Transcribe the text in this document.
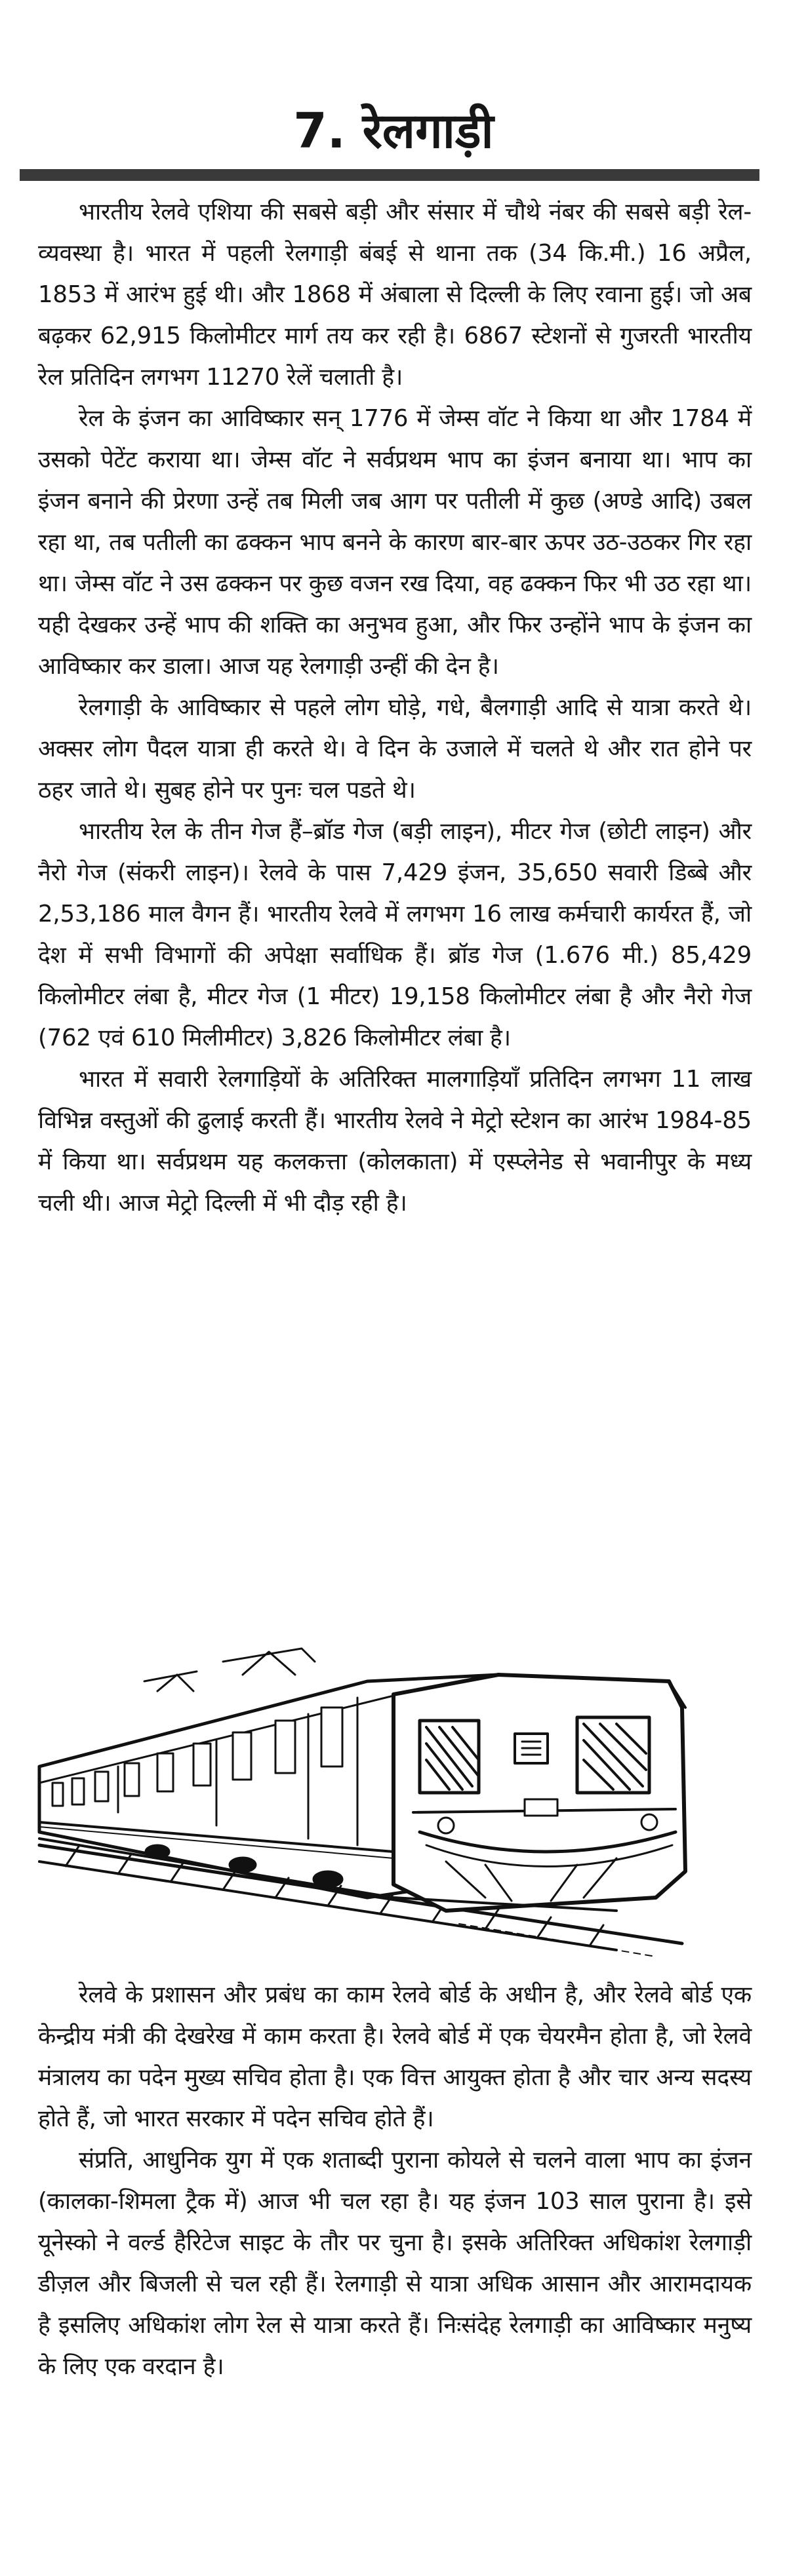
7. रेलगाड़ी

भारतीय रेलवे एशिया की सबसे बड़ी और संसार में चौथे नंबर की सबसे बड़ी रेल-व्यवस्था है। भारत में पहली रेलगाड़ी बंबई से थाना तक (34 कि.मी.) 16 अप्रैल, 1853 में आरंभ हुई थी। और 1868 में अंबाला से दिल्ली के लिए रवाना हुई। जो अब बढ़कर 62,915 किलोमीटर मार्ग तय कर रही है। 6867 स्टेशनों से गुजरती भारतीय रेल प्रतिदिन लगभग 11270 रेलें चलाती है।

रेल के इंजन का आविष्कार सन् 1776 में जेम्स वॉट ने किया था और 1784 में उसको पेटेंट कराया था। जेम्स वॉट ने सर्वप्रथम भाप का इंजन बनाया था। भाप का इंजन बनाने की प्रेरणा उन्हें तब मिली जब आग पर पतीली में कुछ (अण्डे आदि) उबल रहा था, तब पतीली का ढक्कन भाप बनने के कारण बार-बार ऊपर उठ-उठकर गिर रहा था। जेम्स वॉट ने उस ढक्कन पर कुछ वजन रख दिया, वह ढक्कन फिर भी उठ रहा था। यही देखकर उन्हें भाप की शक्ति का अनुभव हुआ, और फिर उन्होंने भाप के इंजन का आविष्कार कर डाला। आज यह रेलगाड़ी उन्हीं की देन है।

रेलगाड़ी के आविष्कार से पहले लोग घोड़े, गधे, बैलगाड़ी आदि से यात्रा करते थे। अक्सर लोग पैदल यात्रा ही करते थे। वे दिन के उजाले में चलते थे और रात होने पर ठहर जाते थे। सुबह होने पर पुनः चल पडते थे।

भारतीय रेल के तीन गेज हैं–ब्रॉड गेज (बड़ी लाइन), मीटर गेज (छोटी लाइन) और नैरो गेज (संकरी लाइन)। रेलवे के पास 7,429 इंजन, 35,650 सवारी डिब्बे और 2,53,186 माल वैगन हैं। भारतीय रेलवे में लगभग 16 लाख कर्मचारी कार्यरत हैं, जो देश में सभी विभागों की अपेक्षा सर्वाधिक हैं। ब्रॉड गेज (1.676 मी.) 85,429 किलोमीटर लंबा है, मीटर गेज (1 मीटर) 19,158 किलोमीटर लंबा है और नैरो गेज (762 एवं 610 मिलीमीटर) 3,826 किलोमीटर लंबा है।

भारत में सवारी रेलगाड़ियों के अतिरिक्त मालगाड़ियाँ प्रतिदिन लगभग 11 लाख विभिन्न वस्तुओं की ढुलाई करती हैं। भारतीय रेलवे ने मेट्रो स्टेशन का आरंभ 1984-85 में किया था। सर्वप्रथम यह कलकत्ता (कोलकाता) में एस्प्लेनेड से भवानीपुर के मध्य चली थी। आज मेट्रो दिल्ली में भी दौड़ रही है।

रेलवे के प्रशासन और प्रबंध का काम रेलवे बोर्ड के अधीन है, और रेलवे बोर्ड एक केन्द्रीय मंत्री की देखरेख में काम करता है। रेलवे बोर्ड में एक चेयरमैन होता है, जो रेलवे मंत्रालय का पदेन मुख्य सचिव होता है। एक वित्त आयुक्त होता है और चार अन्य सदस्य होते हैं, जो भारत सरकार में पदेन सचिव होते हैं।

संप्रति, आधुनिक युग में एक शताब्दी पुराना कोयले से चलने वाला भाप का इंजन (कालका-शिमला ट्रैक में) आज भी चल रहा है। यह इंजन 103 साल पुराना है। इसे यूनेस्को ने वर्ल्ड हैरिटेज साइट के तौर पर चुना है। इसके अतिरिक्त अधिकांश रेलगाड़ी डीज़ल और बिजली से चल रही हैं। रेलगाड़ी से यात्रा अधिक आसान और आरामदायक है इसलिए अधिकांश लोग रेल से यात्रा करते हैं। निःसंदेह रेलगाड़ी का आविष्कार मनुष्य के लिए एक वरदान है।
